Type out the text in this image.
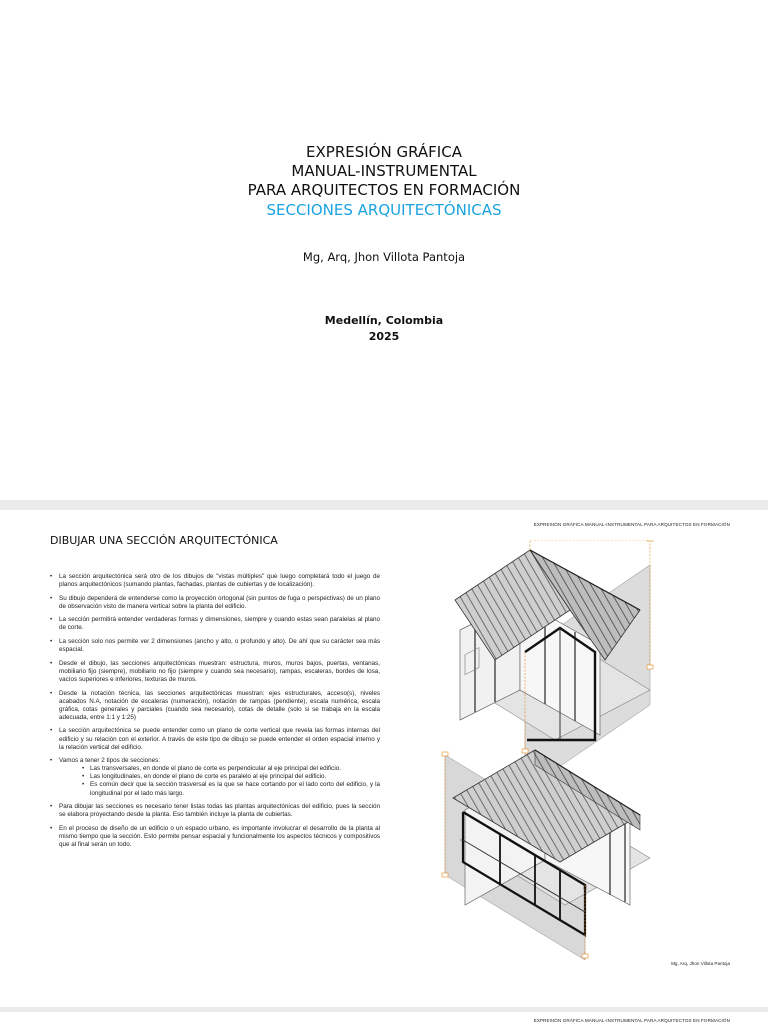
EXPRESIÓN GRÁFICA
MANUAL-INSTRUMENTAL
PARA ARQUITECTOS EN FORMACIÓN
SECCIONES ARQUITECTÓNICAS
Mg, Arq, Jhon Villota Pantoja
Medellín, Colombia
2025
EXPRESIÓN GRÁFICA MANUAL-INSTRUMENTAL PARA ARQUITECTOS EN FORMACIÓN
DIBUJAR UNA SECCIÓN ARQUITECTÓNICA
• La sección arquitectónica será otro de los dibujos de "vistas múltiples" que luego completará todo el juego de planos arquitectónicos (sumando plantas, fachadas, plantas de cubiertas y de localización).
• Su dibujo dependerá de entenderse como la proyección ortogonal (sin puntos de fuga o perspectivas) de un plano de observación visto de manera vertical sobre la planta del edificio.
• La sección permitirá entender verdaderas formas y dimensiones, siempre y cuando estas sean paralelas al plano de corte.
• La sección solo nos permite ver 2 dimensiones (ancho y alto, o profundo y alto). De ahí que su carácter sea más espacial.
• Desde el dibujo, las secciones arquitectónicas muestran: estructura, muros, muros bajos, puertas, ventanas, mobiliario fijo (siempre), mobiliario no fijo (siempre y cuando sea necesario), rampas, escaleras, bordes de losa, vacíos superiores e inferiores, texturas de muros.
• Desde la notación técnica, las secciones arquitectónicas muestran: ejes estructurales, acceso(s), niveles acabados N.A, notación de escaleras (numeración), notación de rampas (pendiente), escala numérica, escala gráfica, cotas generales y parciales (cuando sea necesario), cotas de detalle (solo si se trabaja en la escala adecuada, entre 1:1 y 1:25)
• La sección arquitectónica se puede entender como un plano de corte vertical que revela las formas internas del edificio y su relación con el exterior. A través de este tipo de dibujo se puede entender el orden espacial interno y la relación vertical del edificio.
• Vamos a tener 2 tipos de secciones:
• Las transversales, en donde el plano de corte es perpendicular al eje principal del edificio.
• Las longitudinales, en donde el plano de corte es paralelo al eje principal del edificio.
• Es común decir que la sección trasversal es la que se hace cortando por el lado corto del edificio, y la longitudinal por el lado más largo.
• Para dibujar las secciones es necesario tener listas todas las plantas arquitectónicas del edificio, pues la sección se elabora proyectando desde la planta. Eso también incluye la planta de cubiertas.
• En el proceso de diseño de un edificio o un espacio urbano, es importante involucrar el desarrollo de la planta al mismo tiempo que la sección. Esto permite pensar espacial y funcionalmente los aspectos técnicos y compositivos que al final serán un todo.
Mg, Arq, Jhon Villota Pantoja
EXPRESIÓN GRÁFICA MANUAL-INSTRUMENTAL PARA ARQUITECTOS EN FORMACIÓN
